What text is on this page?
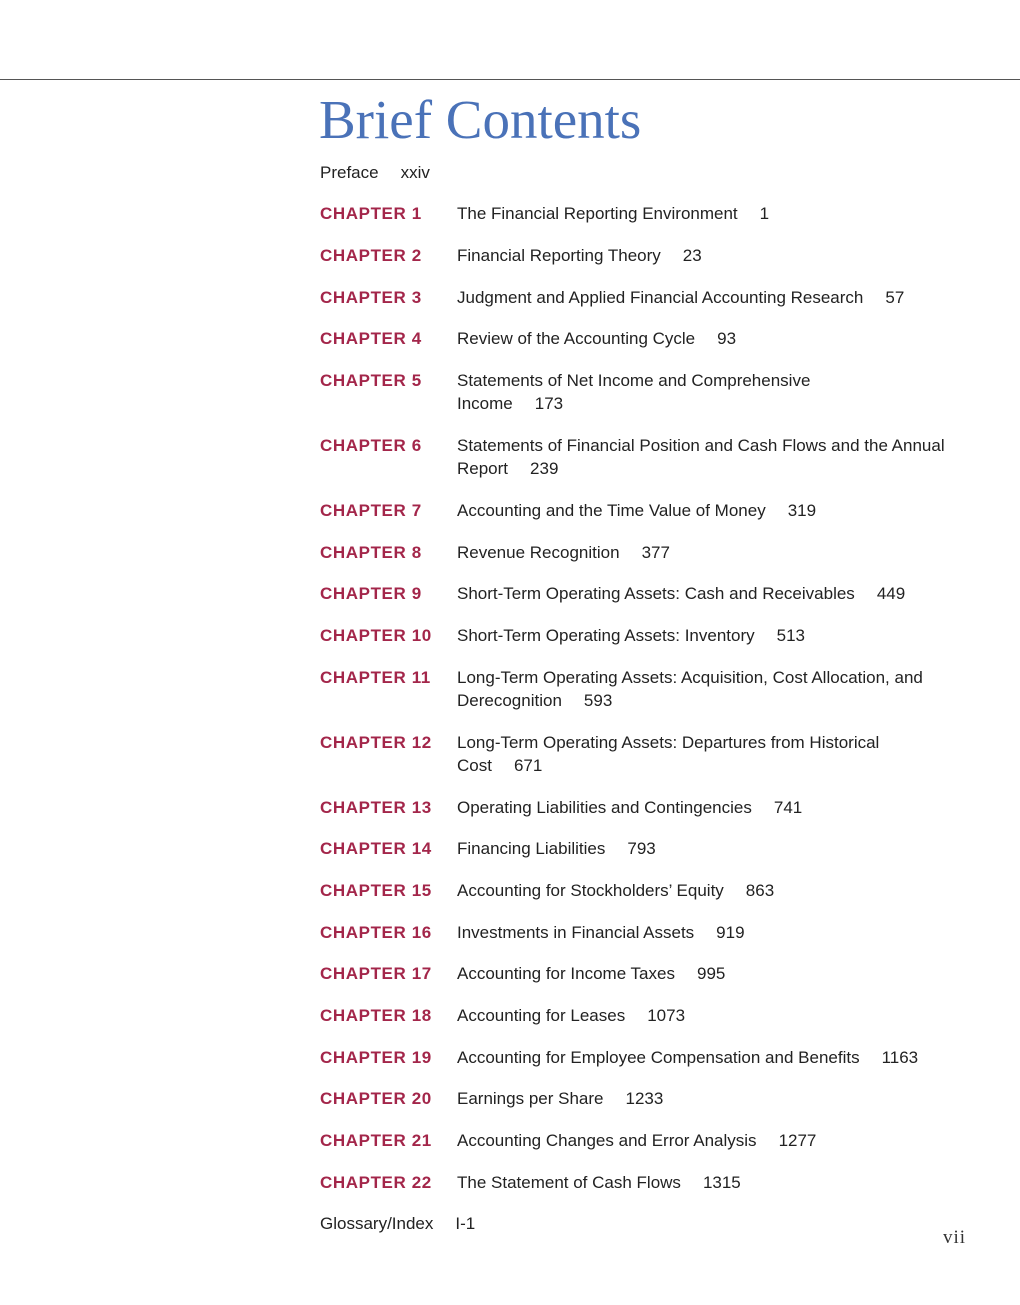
Brief Contents
Preface xxiv
CHAPTER 1	The Financial Reporting Environment 1
CHAPTER 2	Financial Reporting Theory 23
CHAPTER 3	Judgment and Applied Financial Accounting Research 57
CHAPTER 4	Review of the Accounting Cycle 93
CHAPTER 5	Statements of Net Income and Comprehensive Income 173
CHAPTER 6	Statements of Financial Position and Cash Flows and the Annual Report 239
CHAPTER 7	Accounting and the Time Value of Money 319
CHAPTER 8	Revenue Recognition 377
CHAPTER 9	Short-Term Operating Assets: Cash and Receivables 449
CHAPTER 10	Short-Term Operating Assets: Inventory 513
CHAPTER 11	Long-Term Operating Assets: Acquisition, Cost Allocation, and Derecognition 593
CHAPTER 12	Long-Term Operating Assets: Departures from Historical Cost 671
CHAPTER 13	Operating Liabilities and Contingencies 741
CHAPTER 14	Financing Liabilities 793
CHAPTER 15	Accounting for Stockholders’ Equity 863
CHAPTER 16	Investments in Financial Assets 919
CHAPTER 17	Accounting for Income Taxes 995
CHAPTER 18	Accounting for Leases 1073
CHAPTER 19	Accounting for Employee Compensation and Benefits 1163
CHAPTER 20	Earnings per Share 1233
CHAPTER 21	Accounting Changes and Error Analysis 1277
CHAPTER 22	The Statement of Cash Flows 1315
Glossary/Index I-1
vii
